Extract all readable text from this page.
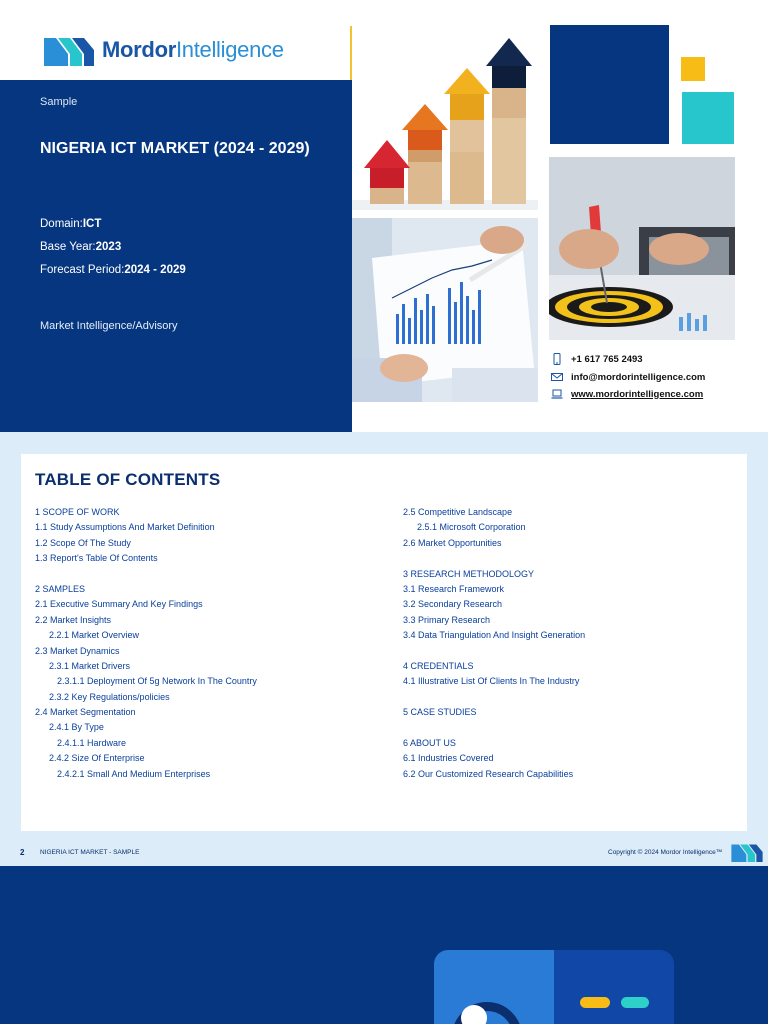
MordorIntelligence
Sample
NIGERIA ICT MARKET (2024 - 2029)
Domain:ICT
Base Year:2023
Forecast Period:2024 - 2029
Market Intelligence/Advisory
+1 617 765 2493
info@mordorintelligence.com
www.mordorintelligence.com
TABLE OF CONTENTS
1 SCOPE OF WORK
1.1 Study Assumptions And Market Definition
1.2 Scope Of The Study
1.3 Report's Table Of Contents
2 SAMPLES
2.1 Executive Summary And Key Findings
2.2 Market Insights
2.2.1 Market Overview
2.3 Market Dynamics
2.3.1 Market Drivers
2.3.1.1 Deployment Of 5g Network In The Country
2.3.2 Key Regulations/policies
2.4 Market Segmentation
2.4.1 By Type
2.4.1.1 Hardware
2.4.2 Size Of Enterprise
2.4.2.1 Small And Medium Enterprises
2.5 Competitive Landscape
2.5.1 Microsoft Corporation
2.6 Market Opportunities
3 RESEARCH METHODOLOGY
3.1 Research Framework
3.2 Secondary Research
3.3 Primary Research
3.4 Data Triangulation And Insight Generation
4 CREDENTIALS
4.1 Illustrative List Of Clients In The Industry
5 CASE STUDIES
6 ABOUT US
6.1 Industries Covered
6.2 Our Customized Research Capabilities
2 NIGERIA ICT MARKET - SAMPLE	Copyright © 2024 Mordor Intelligence™
